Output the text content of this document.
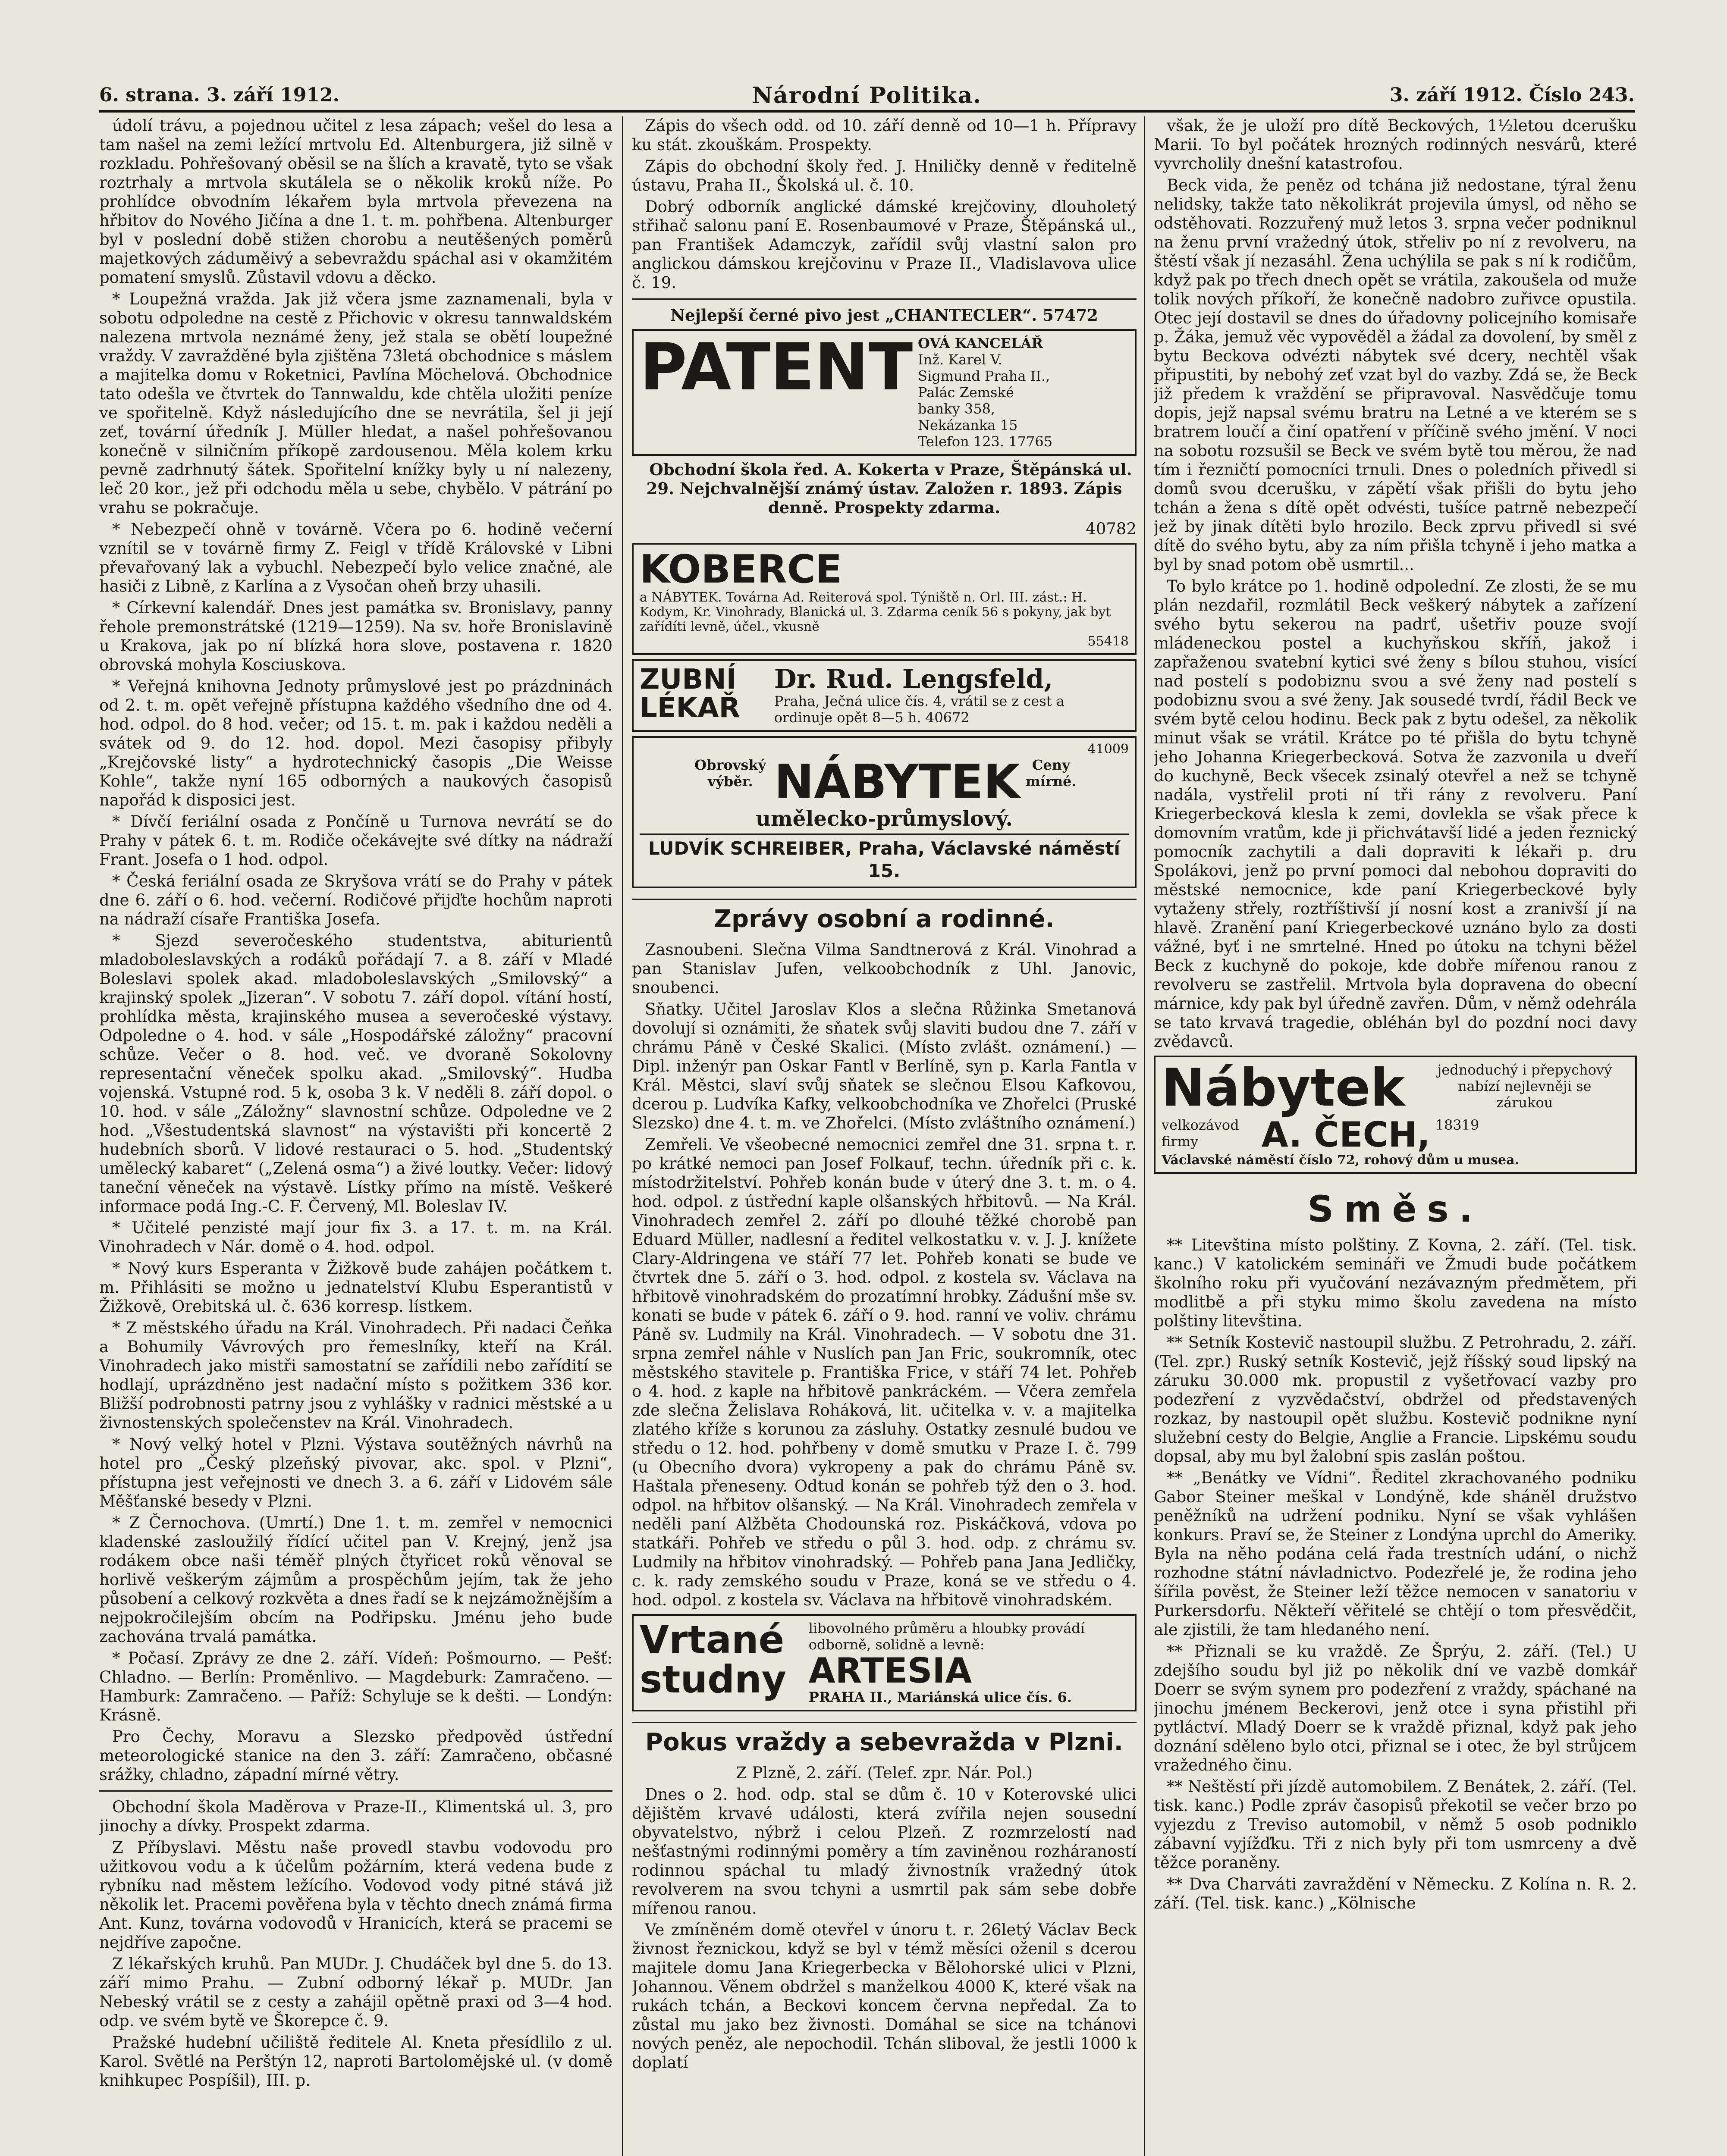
6. strana. 3. září 1912.	Národní Politika.	3. září 1912. Číslo 243.

údolí trávu, a pojednou učitel z lesa zápach; vešel do lesa a tam našel na zemi ležící mrtvolu Ed. Altenburgera, již silně v rozkladu. Pohřešovaný oběsil se na šlích a kravatě, tyto se však roztrhaly a mrtvola skutálela se o několik kroků níže. Po prohlídce obvodním lékařem byla mrtvola převezena na hřbitov do Nového Jičína a dne 1. t. m. pohřbena. Altenburger byl v poslední době stižen chorobu a neutěšených poměrů majetkových záduměivý a sebevraždu spáchal asi v okamžitém pomatení smyslů. Zůstavil vdovu a děcko.

* Loupežná vražda. Jak již včera jsme zaznamenali, byla v sobotu odpoledne na cestě z Přichovic v okresu tannwaldském nalezena mrtvola neznámé ženy, jež stala se obětí loupežné vraždy. V zavražděné byla zjištěna 73letá obchodnice s máslem a majitelka domu v Roketnici, Pavlína Möchelová. Obchodnice tato odešla ve čtvrtek do Tannwaldu, kde chtěla uložiti peníze ve spořitelně. Když následujícího dne se nevrátila, šel ji její zeť, tovární úředník J. Müller hledat, a našel pohřešovanou konečně v silničním příkopě zardousenou. Měla kolem krku pevně zadrhnutý šátek. Spořitelní knížky byly u ní nalezeny, leč 20 kor., jež při odchodu měla u sebe, chybělo. V pátrání po vrahu se pokračuje.

* Nebezpečí ohně v továrně. Včera po 6. hodině večerní vznítil se v továrně firmy Z. Feigl v třídě Královské v Libni převařovaný lak a vybuchl. Nebezpečí bylo velice značné, ale hasiči z Libně, z Karlína a z Vysočan oheň brzy uhasili.

* Církevní kalendář. Dnes jest památka sv. Bronislavy, panny řehole premonstrátské (1219—1259). Na sv. hoře Bronislavině u Krakova, jak po ní blízká hora slove, postavena r. 1820 obrovská mohyla Kosciuskova.

* Veřejná knihovna Jednoty průmyslové jest po prázdninách od 2. t. m. opět veřejně přístupna každého všedního dne od 4. hod. odpol. do 8 hod. večer; od 15. t. m. pak i každou neděli a svátek od 9. do 12. hod. dopol. Mezi časopisy přibyly „Krejčovské listy“ a hydrotechnický časopis „Die Weisse Kohle“, takže nyní 165 odborných a naukových časopisů napořád k disposici jest.

* Dívčí feriální osada z Pončíně u Turnova nevrátí se do Prahy v pátek 6. t. m. Rodiče očekávejte své dítky na nádraží Frant. Josefa o 1 hod. odpol.

* Česká feriální osada ze Skryšova vrátí se do Prahy v pátek dne 6. září o 6. hod. večerní. Rodičové přijďte hochům naproti na nádraží císaře Františka Josefa.

* Sjezd severočeského studentstva, abiturientů mladoboleslavských a rodáků pořádají 7. a 8. září v Mladé Boleslavi spolek akad. mladoboleslavských „Smilovský“ a krajinský spolek „Jizeran“. V sobotu 7. září dopol. vítání hostí, prohlídka města, krajinského musea a severočeské výstavy. Odpoledne o 4. hod. v sále „Hospodářské záložny“ pracovní schůze. Večer o 8. hod. več. ve dvoraně Sokolovny representační věneček spolku akad. „Smilovský“. Hudba vojenská. Vstupné rod. 5 k, osoba 3 k. V neděli 8. září dopol. o 10. hod. v sále „Záložny“ slavnostní schůze. Odpoledne ve 2 hod. „Všestudentská slavnost“ na výstavišti při koncertě 2 hudebních sborů. V lidové restauraci o 5. hod. „Studentský umělecký kabaret“ („Zelená osma“) a živé loutky. Večer: lidový taneční věneček na výstavě. Lístky přímo na místě. Veškeré informace podá Ing.-C. F. Červený, Ml. Boleslav IV.

* Učitelé penzisté mají jour fix 3. a 17. t. m. na Král. Vinohradech v Nár. domě o 4. hod. odpol.

* Nový kurs Esperanta v Žižkově bude zahájen počátkem t. m. Přihlásiti se možno u jednatelství Klubu Esperantistů v Žižkově, Orebitská ul. č. 636 korresp. lístkem.

* Z městského úřadu na Král. Vinohradech. Při nadaci Čeňka a Bohumily Vávrových pro řemeslníky, kteří na Král. Vinohradech jako mistři samostatní se zařídili nebo zařídití se hodlají, uprázdněno jest nadační místo s požitkem 336 kor. Bližší podrobnosti patrny jsou z vyhlášky v radnici městské a u živnostenských společenstev na Král. Vinohradech.

* Nový velký hotel v Plzni. Výstava soutěžných návrhů na hotel pro „Český plzeňský pivovar, akc. spol. v Plzni“, přístupna jest veřejnosti ve dnech 3. a 6. září v Lidovém sále Měšťanské besedy v Plzni.

* Z Černochova. (Umrtí.) Dne 1. t. m. zemřel v nemocnici kladenské zasloužilý řídící učitel pan V. Krejný, jenž jsa rodákem obce naši téměř plných čtyřicet roků věnoval se horlivě veškerým zájmům a prospěchům jejím, tak že jeho působení a celkový rozkvěta a dnes řadí se k nejzámožnějším a nejpokročilejším obcím na Podřipsku. Jménu jeho bude zachována trvalá památka.

* Počasí. Zprávy ze dne 2. září. Vídeň: Pošmourno. — Pešť: Chladno. — Berlín: Proměnlivo. — Magdeburk: Zamračeno. — Hamburk: Zamračeno. — Paříž: Schyluje se k dešti. — Londýn: Krásně.

Pro Čechy, Moravu a Slezsko předpověd ústřední meteorologické stanice na den 3. září: Zamračeno, občasné srážky, chladno, západní mírné větry.

Obchodní škola Maděrova v Praze-II., Klimentská ul. 3, pro jinochy a dívky. Prospekt zdarma.

Z Příbyslavi. Městu naše provedl stavbu vodovodu pro užitkovou vodu a k účelům požárním, která vedena bude z rybníku nad městem ležícího. Vodovod vody pitné stává již několik let. Pracemi pověřena byla v těchto dnech známá firma Ant. Kunz, továrna vodovodů v Hranicích, která se pracemi se nejdříve započne.

Z lékařských kruhů. Pan MUDr. J. Chudáček byl dne 5. do 13. září mimo Prahu. — Zubní odborný lékař p. MUDr. Jan Nebeský vrátil se z cesty a zahájil opětně praxi od 3—4 hod. odp. ve svém bytě ve Škorepce č. 9.

Pražské hudební učiliště ředitele Al. Kneta přesídlilo z ul. Karol. Světlé na Perštýn 12, naproti Bartolomějské ul. (v domě knihkupec Pospíšil), III. p.

Zápis do všech odd. od 10. září denně od 10—1 h. Přípravy ku stát. zkouškám. Prospekty.

Zápis do obchodní školy řed. J. Hniličky denně v ředitelně ústavu, Praha II., Školská ul. č. 10.

Dobrý odborník anglické dámské krejčoviny, dlouholetý střihač salonu paní E. Rosenbaumové v Praze, Štěpánská ul., pan František Adamczyk, zařídil svůj vlastní salon pro anglickou dámskou krejčovinu v Praze II., Vladislavova ulice č. 19.

Nejlepší černé pivo jest „CHANTECLER“. 57472
PATENT OVÁ KANCELÁŘ
Inž. Karel V. Sigmund Praha II., Palác Zemské banky 358, Nekázanka 15 Telefon 123. 17765

Obchodní škola řed. A. Kokerta v Praze, Štěpánská ul. 29. Nejchvalnější známý ústav. Založen r. 1893. Zápis denně. Prospekty zdarma.

40782
KOBERCE
a NÁBYTEK. Továrna Ad. Reiterová spol. Týniště n. Orl. III. zást.: H. Kodym, Kr. Vinohrady, Blanická ul. 3. Zdarma ceník 56 s pokyny, jak byt zařídíti levně, účel., vkusně
55418
ZUBNÍ LÉKAŘ Dr. Rud. Lengsfeld,
Praha, Ječná ulice čís. 4, vrátil se z cest a ordinuje opět 8—5 h. 40672
41009
Obrovský výběr. NÁBYTEK Ceny mírné.
umělecko-průmyslový.
LUDVÍK SCHREIBER, Praha, Václavské náměstí 15.
Zprávy osobní a rodinné.

Zasnoubeni. Slečna Vilma Sandtnerová z Král. Vinohrad a pan Stanislav Jufen, velkoobchodník z Uhl. Janovic, snoubenci.

Sňatky. Učitel Jaroslav Klos a slečna Růžinka Smetanová dovolují si oznámiti, že sňatek svůj slaviti budou dne 7. září v chrámu Páně v České Skalici. (Místo zvlášt. oznámení.) — Dipl. inženýr pan Oskar Fantl v Berlíně, syn p. Karla Fantla v Král. Městci, slaví svůj sňatek se slečnou Elsou Kafkovou, dcerou p. Ludvíka Kafky, velkoobchodníka ve Zhořelci (Pruské Slezsko) dne 4. t. m. ve Zhořelci. (Místo zvláštního oznámení.)

Zemřeli. Ve všeobecné nemocnici zemřel dne 31. srpna t. r. po krátké nemoci pan Josef Folkauf, techn. úředník při c. k. místodržitelství. Pohřeb konán bude v úterý dne 3. t. m. o 4. hod. odpol. z ústřední kaple olšanských hřbitovů. — Na Král. Vinohradech zemřel 2. září po dlouhé těžké chorobě pan Eduard Müller, nadlesní a ředitel velkostatku v. v. J. J. knížete Clary-Aldringena ve stáří 77 let. Pohřeb konati se bude ve čtvrtek dne 5. září o 3. hod. odpol. z kostela sv. Václava na hřbitově vinohradském do prozatímní hrobky. Zádušní mše sv. konati se bude v pátek 6. září o 9. hod. ranní ve voliv. chrámu Páně sv. Ludmily na Král. Vinohradech. — V sobotu dne 31. srpna zemřel náhle v Nuslích pan Jan Fric, soukromník, otec městského stavitele p. Františka Frice, v stáří 74 let. Pohřeb o 4. hod. z kaple na hřbitově pankráckém. — Včera zemřela zde slečna Želislava Roháková, lit. učitelka v. v. a majitelka zlatého kříže s korunou za zásluhy. Ostatky zesnulé budou ve středu o 12. hod. pohřbeny v domě smutku v Praze I. č. 799 (u Obecního dvora) vykropeny a pak do chrámu Páně sv. Haštala přeneseny. Odtud konán se pohřeb týž den o 3. hod. odpol. na hřbitov olšanský. — Na Král. Vinohradech zemřela v neděli paní Alžběta Chodounská roz. Piskáčková, vdova po statkáři. Pohřeb ve středu o půl 3. hod. odp. z chrámu sv. Ludmily na hřbitov vinohradský. — Pohřeb pana Jana Jedličky, c. k. rady zemského soudu v Praze, koná se ve středu o 4. hod. odpol. z kostela sv. Václava na hřbitově vinohradském.

Vrtané studny libovolného průměru a hloubky provádí odborně, solidně a levně:
ARTESIA
PRAHA II., Mariánská ulice čís. 6.
Pokus vraždy a sebevražda v Plzni.

Z Plzně, 2. září. (Telef. zpr. Nár. Pol.)

Dnes o 2. hod. odp. stal se dům č. 10 v Koterovské ulici dějištěm krvavé události, která zvířila nejen sousední obyvatelstvo, nýbrž i celou Plzeň. Z rozmrzelostí nad nešťastnými rodinnými poměry a tím zaviněnou rozháraností rodinnou spáchal tu mladý živnostník vražedný útok revolverem na svou tchyni a usmrtil pak sám sebe dobře mířenou ranou.

Ve zmíněném domě otevřel v únoru t. r. 26letý Václav Beck živnost řeznickou, když se byl v témž měsíci oženil s dcerou majitele domu Jana Kriegerbecka v Bělohorské ulici v Plzni, Johannou. Věnem obdržel s manželkou 4000 K, které však na rukách tchán, a Beckovi koncem června nepředal. Za to zůstal mu jako bez živnosti. Domáhal se sice na tchánovi nových peněz, ale nepochodil. Tchán sliboval, že jestli 1000 k doplatí

však, že je uloží pro dítě Beckových, 1½letou dcerušku Marii. To byl počátek hrozných rodinných nesvárů, které vyvrcholily dnešní katastrofou.

Beck vida, že peněz od tchána již nedostane, týral ženu nelidsky, takže tato několikrát projevila úmysl, od něho se odstěhovati. Rozzuřený muž letos 3. srpna večer podniknul na ženu první vražedný útok, střeliv po ní z revolveru, na štěstí však jí nezasáhl. Žena uchýlila se pak s ní k rodičům, když pak po třech dnech opět se vrátila, zakoušela od muže tolik nových příkoří, že konečně nadobro zuřivce opustila. Otec její dostavil se dnes do úřadovny policejního komisaře p. Žáka, jemuž věc vypověděl a žádal za dovolení, by směl z bytu Beckova odvézti nábytek své dcery, nechtěl však připustiti, by nebohý zeť vzat byl do vazby. Zdá se, že Beck již předem k vraždění se připravoval. Nasvědčuje tomu dopis, jejž napsal svému bratru na Letné a ve kterém se s bratrem loučí a činí opatření v příčině svého jmění. V noci na sobotu rozsušil se Beck ve svém bytě tou měrou, že nad tím i řezničtí pomocníci trnuli. Dnes o poledních přivedl si domů svou dcerušku, v zápětí však přišli do bytu jeho tchán a žena s dítě opět odvésti, tušíce patrně nebezpečí jež by jinak dítěti bylo hrozilo. Beck zprvu přivedl si své dítě do svého bytu, aby za ním přišla tchyně i jeho matka a byl by snad potom obě usmrtil...

To bylo krátce po 1. hodině odpolední. Ze zlosti, že se mu plán nezdařil, rozmlátil Beck veškerý nábytek a zařízení svého bytu sekerou na padrť, ušetřiv pouze svojí mládeneckou postel a kuchyňskou skříň, jakož i zapřaženou svatební kytici své ženy s bílou stuhou, visící nad postelí s podobiznu svou a své ženy nad postelí s podobiznu svou a své ženy. Jak sousedé tvrdí, řádil Beck ve svém bytě celou hodinu. Beck pak z bytu odešel, za několik minut však se vrátil. Krátce po té přišla do bytu tchyně jeho Johanna Kriegerbecková. Sotva že zazvonila u dveří do kuchyně, Beck všecek zsinalý otevřel a než se tchyně nadála, vystřelil proti ní tři rány z revolveru. Paní Kriegerbecková klesla k zemi, dovlekla se však přece k domovním vratům, kde ji přichvátavší lidé a jeden řeznický pomocník zachytili a dali dopraviti k lékaři p. dru Spolákovi, jenž po první pomoci dal nebohou dopraviti do městské nemocnice, kde paní Kriegerbeckové byly vytaženy střely, roztříštivší jí nosní kost a zranivší jí na hlavě. Zranění paní Kriegerbeckové uznáno bylo za dosti vážné, byť i ne smrtelné. Hned po útoku na tchyni běžel Beck z kuchyně do pokoje, kde dobře mířenou ranou z revolveru se zastřelil. Mrtvola byla dopravena do obecní márnice, kdy pak byl úředně zavřen. Dům, v němž odehrála se tato krvavá tragedie, obléhán byl do pozdní noci davy zvědavců.

Nábytek jednoduchý i přepychový nabízí nejlevněji se zárukou
velkozávod firmy A. ČECH, 18319
Václavské náměstí číslo 72, rohový dům u musea.
Směs.

** Litevština místo polštiny. Z Kovna, 2. září. (Tel. tisk. kanc.) V katolickém semináři ve Žmudi bude počátkem školního roku při vyučování nezávazným předmětem, při modlitbě a při styku mimo školu zavedena na místo polštiny litevština.

** Setník Kostevič nastoupil službu. Z Petrohradu, 2. září. (Tel. zpr.) Ruský setník Kostevič, jejž říšský soud lipský na záruku 30.000 mk. propustil z vyšetřovací vazby pro podezření z vyzvědačství, obdržel od představených rozkaz, by nastoupil opět službu. Kostevič podnikne nyní služební cesty do Belgie, Anglie a Francie. Lipskému soudu dopsal, aby mu byl žalobní spis zaslán poštou.

** „Benátky ve Vídni“. Ředitel zkrachovaného podniku Gabor Steiner meškal v Londýně, kde sháněl družstvo peněžníků na udržení podniku. Nyní se však vyhlášen konkurs. Praví se, že Steiner z Londýna uprchl do Ameriky. Byla na něho podána celá řada trestních udání, o nichž rozhodne státní návladnictvo. Podezřelé je, že rodina jeho šířila pověst, že Steiner leží těžce nemocen v sanatoriu v Purkersdorfu. Někteří věřitelé se chtějí o tom přesvědčit, ale zjistili, že tam hledaného není.

** Přiznali se ku vraždě. Ze Šprýu, 2. září. (Tel.) U zdejšího soudu byl již po několik dní ve vazbě domkář Doerr se svým synem pro podezření z vraždy, spáchané na jinochu jménem Beckerovi, jenž otce i syna přistihl při pytláctví. Mladý Doerr se k vraždě přiznal, když pak jeho doznání sděleno bylo otci, přiznal se i otec, že byl strůjcem vražedného činu.

** Neštěstí při jízdě automobilem. Z Benátek, 2. září. (Tel. tisk. kanc.) Podle zpráv časopisů překotil se večer brzo po vyjezdu z Treviso automobil, v němž 5 osob podniklo zábavní vyjížďku. Tři z nich byly při tom usmrceny a dvě těžce poraněny.

** Dva Charváti zavraždění v Německu. Z Kolína n. R. 2. září. (Tel. tisk. kanc.) „Kölnische
